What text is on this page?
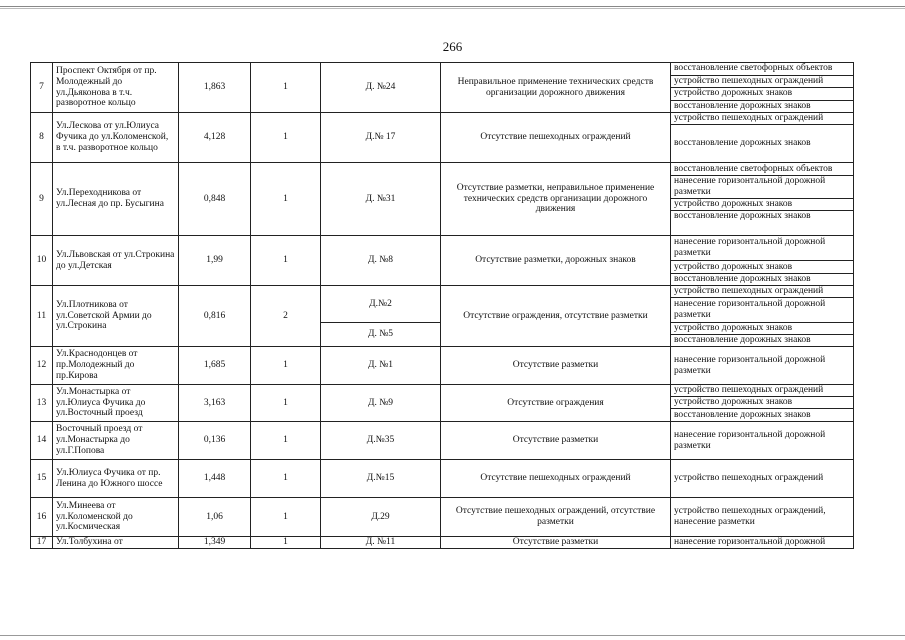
266
7	Проспект Октября от пр. Молодежный до ул.Дьяконова в т.ч. разворотное кольцо	1,863	1	Д. №24	Неправильное применение технических средств организации дорожного движения	восстановление светофорных объектов
						устройство пешеходных ограждений
						устройство дорожных знаков
						восстановление дорожных знаков
8	Ул.Лескова от ул.Юлиуса Фучика до ул.Коломенской, в т.ч. разворотное кольцо	4,128	1	Д.№ 17	Отсутствие пешеходных ограждений	устройство пешеходных ограждений
						восстановление дорожных знаков
9	Ул.Переходникова от ул.Лесная до пр. Бусыгина	0,848	1	Д. №31	Отсутствие разметки, неправильное применение технических средств организации дорожного движения	восстановление светофорных объектов
						нанесение горизонтальной дорожной разметки
						устройство дорожных знаков
						восстановление дорожных знаков
10	Ул.Львовская от ул.Строкина до ул.Детская	1,99	1	Д. №8	Отсутствие разметки, дорожных знаков	нанесение горизонтальной дорожной разметки
						устройство дорожных знаков
						восстановление дорожных знаков
11	Ул.Плотникова от ул.Советской Армии до ул.Строкина	0,816	2	Д.№2	Отсутствие ограждения, отсутствие разметки	устройство пешеходных ограждений
						нанесение горизонтальной дорожной разметки
				Д. №5		устройство дорожных знаков
						восстановление дорожных знаков
12	Ул.Краснодонцев от пр.Молодежный до пр.Кирова	1,685	1	Д. №1	Отсутствие разметки	нанесение горизонтальной дорожной разметки
13	Ул.Монастырка от ул.Юлиуса Фучика до ул.Восточный проезд	3,163	1	Д. №9	Отсутствие ограждения	устройство пешеходных ограждений
						устройство дорожных знаков
						восстановление дорожных знаков
14	Восточный проезд от ул.Монастырка до ул.Г.Попова	0,136	1	Д.№35	Отсутствие разметки	нанесение горизонтальной дорожной разметки
15	Ул.Юлиуса Фучика от пр. Ленина до Южного шоссе	1,448	1	Д.№15	Отсутствие пешеходных ограждений	устройство пешеходных ограждений
16	Ул.Минеева от ул.Коломенской до ул.Космическая	1,06	1	Д.29	Отсутствие пешеходных ограждений, отсутствие разметки	устройство пешеходных ограждений, нанесение разметки
17	Ул.Толбухина от	1,349	1	Д. №11	Отсутствие разметки	нанесение горизонтальной дорожной
